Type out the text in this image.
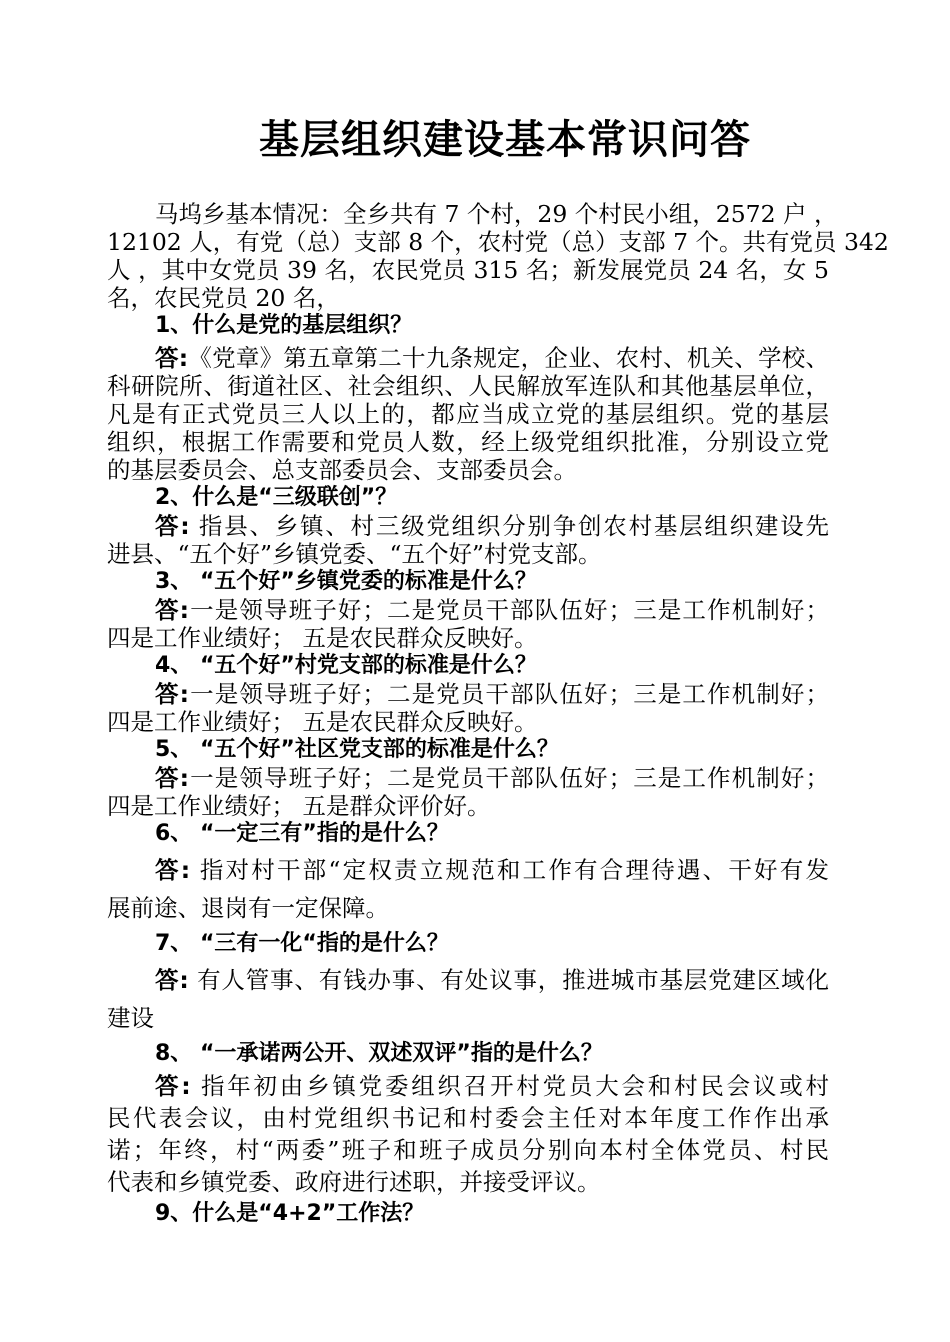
基层组织建设基本常识问答
马坞乡基本情况：全乡共有 7 个村，29 个村民小组，2572 户 ，
12102 人，有党（总）支部 8 个，农村党（总）支部 7 个。共有党员 342
人 ，其中女党员 39 名，农民党员 315 名；新发展党员 24 名，女 5
名，农民党员 20 名，
1、什么是党的基层组织？
答:《党章》第五章第二十九条规定，企业、农村、机关、学校、
科研院所、街道社区、社会组织、人民解放军连队和其他基层单位，
凡是有正式党员三人以上的，都应当成立党的基层组织。党的基层
组织，根据工作需要和党员人数，经上级党组织批准，分别设立党
的基层委员会、总支部委员会、支部委员会。
2、什么是“三级联创”？
答: 指县、乡镇、村三级党组织分别争创农村基层组织建设先
进县、“五个好”乡镇党委、“五个好”村党支部。
3、 “五个好”乡镇党委的标准是什么？
答:一是领导班子好；二是党员干部队伍好；三是工作机制好；
四是工作业绩好； 五是农民群众反映好。
4、 “五个好”村党支部的标准是什么？
答:一是领导班子好；二是党员干部队伍好；三是工作机制好；
四是工作业绩好； 五是农民群众反映好。
5、 “五个好”社区党支部的标准是什么？
答:一是领导班子好；二是党员干部队伍好；三是工作机制好；
四是工作业绩好； 五是群众评价好。
6、 “一定三有”指的是什么？
答: 指对村干部“定权责立规范和工作有合理待遇、干好有发
展前途、退岗有一定保障。
7、 “三有一化“指的是什么？
答: 有人管事、有钱办事、有处议事，推进城市基层党建区域化
建设
8、 “一承诺两公开、双述双评”指的是什么？
答: 指年初由乡镇党委组织召开村党员大会和村民会议或村
民代表会议，由村党组织书记和村委会主任对本年度工作作出承
诺；年终，村“两委”班子和班子成员分别向本村全体党员、村民
代表和乡镇党委、政府进行述职，并接受评议。
9、什么是“4+2”工作法？
